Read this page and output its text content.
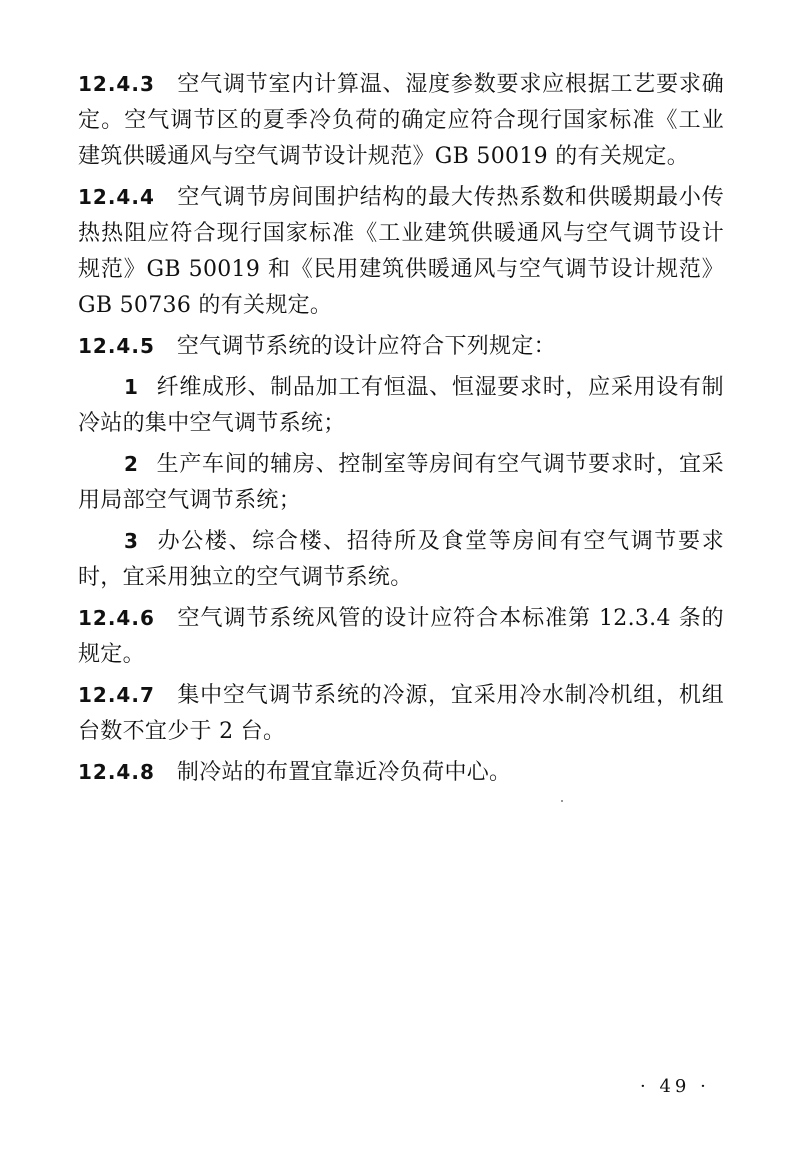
12.4.3 空气调节室内计算温、湿度参数要求应根据工艺要求确定。空气调节区的夏季冷负荷的确定应符合现行国家标准《工业建筑供暖通风与空气调节设计规范》GB 50019 的有关规定。

12.4.4 空气调节房间围护结构的最大传热系数和供暖期最小传热热阻应符合现行国家标准《工业建筑供暖通风与空气调节设计规范》GB 50019 和《民用建筑供暖通风与空气调节设计规范》GB 50736 的有关规定。

12.4.5 空气调节系统的设计应符合下列规定：

1 纤维成形、制品加工有恒温、恒湿要求时，应采用设有制冷站的集中空气调节系统；

2 生产车间的辅房、控制室等房间有空气调节要求时，宜采用局部空气调节系统；

3 办公楼、综合楼、招待所及食堂等房间有空气调节要求时，宜采用独立的空气调节系统。

12.4.6 空气调节系统风管的设计应符合本标准第 12.3.4 条的规定。

12.4.7 集中空气调节系统的冷源，宜采用冷水制冷机组，机组台数不宜少于 2 台。

12.4.8 制冷站的布置宜靠近冷负荷中心。

· 49 ·
